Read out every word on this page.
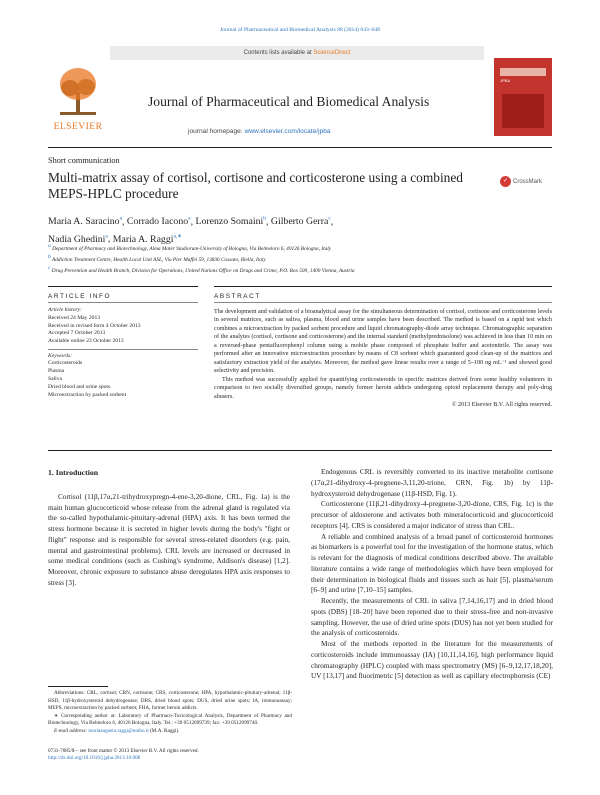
Journal of Pharmaceutical and Biomedical Analysis 88 (2014) 643–648
Contents lists available at ScienceDirect
ELSEVIER
Journal of Pharmaceutical and Biomedical Analysis
journal homepage: www.elsevier.com/locate/jpba
JPBA
Short communication
Multi-matrix assay of cortisol, cortisone and corticosterone using a combined MEPS-HPLC procedure
✓ CrossMark
Maria A. Saracino$^a$, Corrado Iacono$^a$, Lorenzo Somaini$^b$, Gilberto Gerra$^c$,
Nadia Ghedini$^a$, Maria A. Raggi$^{a,∗}$

$^a$ Department of Pharmacy and Biotechnology, Alma Mater Studiorum-University of Bologna, Via Belmeloro 6, 40126 Bologna, Italy

$^b$ Addiction Treatment Centre, Health Local Unit ASL, Via Pier Maffei 59, 13836 Cossato, Biella, Italy

$^c$ Drug Prevention and Health Branch, Division for Operations, United Nations Office on Drugs and Crime, P.O. Box 500, 1400 Vienna, Austria

ARTICLE INFO	ABSTRACT

Article history:

Received 24 May 2013

Received in revised form 4 October 2013

Accepted 7 October 2013

Available online 23 October 2013

Keywords:

Corticosteroids

Plasma

Saliva

Dried blood and urine spots

Microextraction by packed sorbent

The development and validation of a bioanalytical assay for the simultaneous determination of cortisol, cortisone and corticosterone levels in several matrices, such as saliva, plasma, blood and urine samples have been described. The method is based on a rapid test which combines a microextraction by packed sorbent procedure and liquid chromatography-diode array technique. Chromatographic separation of the analytes (cortisol, cortisone and corticosterone) and the internal standard (methylprednisolone) was achieved in less than 10 min on a reversed-phase pentafluorophenyl column using a mobile phase composed of phosphate buffer and acetonitrile. The assay was performed after an innovative microextraction procedure by means of C8 sorbent which guaranteed good clean-up of the matrices and satisfactory extraction yield of the analytes. Moreover, the method gave linear results over a range of 5–100 ng mL⁻¹ and showed good selectivity and precision.

This method was successfully applied for quantifying corticosteroids in specific matrices derived from some healthy volunteers in comparison to two socially diversified groups, namely former heroin addicts undergoing opioid replacement therapy and poly-drug abusers.

© 2013 Elsevier B.V. All rights reserved.

1. Introduction

Cortisol (11β,17α,21-trihydroxypregn-4-ene-3,20-dione, CRL, Fig. 1a) is the main human glucocorticoid whose release from the adrenal gland is regulated via the so-called hypothalamic-pituitary-adrenal (HPA) axis. It has been termed the stress hormone because it is secreted in higher levels during the body's "fight or flight" response and is responsible for several stress-related disorders (e.g. pain, mental and gastrointestinal problems). CRL levels are increased or decreased in some medical conditions (such as Cushing's syndrome, Addison's disease) [1,2]. Moreover, chronic exposure to substance abuse deregulates HPA axis responses to stress [3].

Endogenous CRL is reversibly converted to its inactive metabolite cortisone (17α,21-dihydroxy-4-pregnene-3,11,20-trione, CRN, Fig. 1b) by 11β-hydroxysteroid dehydrogenase (11β-HSD, Fig. 1).

Corticosterone (11β,21-dihydroxy-4-pregnene-3,20-dione, CRS, Fig. 1c) is the precursor of aldosterone and activates both mineralocorticoid and glucocorticoid receptors [4]. CRS is considered a major indicator of stress than CRL.

A reliable and combined analysis of a broad panel of corticosteroid hormones as biomarkers is a powerful tool for the investigation of the hormone status, which is relevant for the diagnosis of medical conditions described above. The available literature contains a wide range of methodologies which have been employed for their determination in biological fluids and tissues such as hair [5], plasma/serum [6–9] and urine [7,10–15] samples.

Recently, the measurements of CRL in saliva [7,14,16,17] and in dried blood spots (DBS) [18–20] have been reported due to their stress-free and non-invasive sampling. However, the use of dried urine spots (DUS) has not yet been studied for the analysis of corticosteroids.

Most of the methods reported in the literature for the measurements of corticosteroids include immunoassay (IA) [10,11,14,16], high performance liquid chromatography (HPLC) coupled with mass spectrometry (MS) [6–9,12,17,18,20], UV [13,17] and fluorimetric [5] detection as well as capillary electrophoresis (CE)

Abbreviations: CRL, cortisol; CRN, cortisone; CRS, corticosterone; HPA, hypothalamic-pituitary-adrenal; 11β-HSD, 11β-hydroxysteroid dehydrogenase; DBS, dried blood spots; DUS, dried urine spots; IA, immunoassay; MEPS, microextraction by packed sorbent; FHA, former heroin addicts.

∗ Corresponding author at: Laboratory of Pharmaco-Toxicological Analysis, Department of Pharmacy and Biotechnology, Via Belmeloro 6, 40126 Bologna, Italy. Tel.: +39 0512099739; fax: +39 0512099740.

E-mail address: mariaaugusta.raggi@unibo.it (M.A. Raggi).

0731-7085/$ – see front matter © 2013 Elsevier B.V. All rights reserved.

http://dx.doi.org/10.1016/j.jpba.2013.10.008
